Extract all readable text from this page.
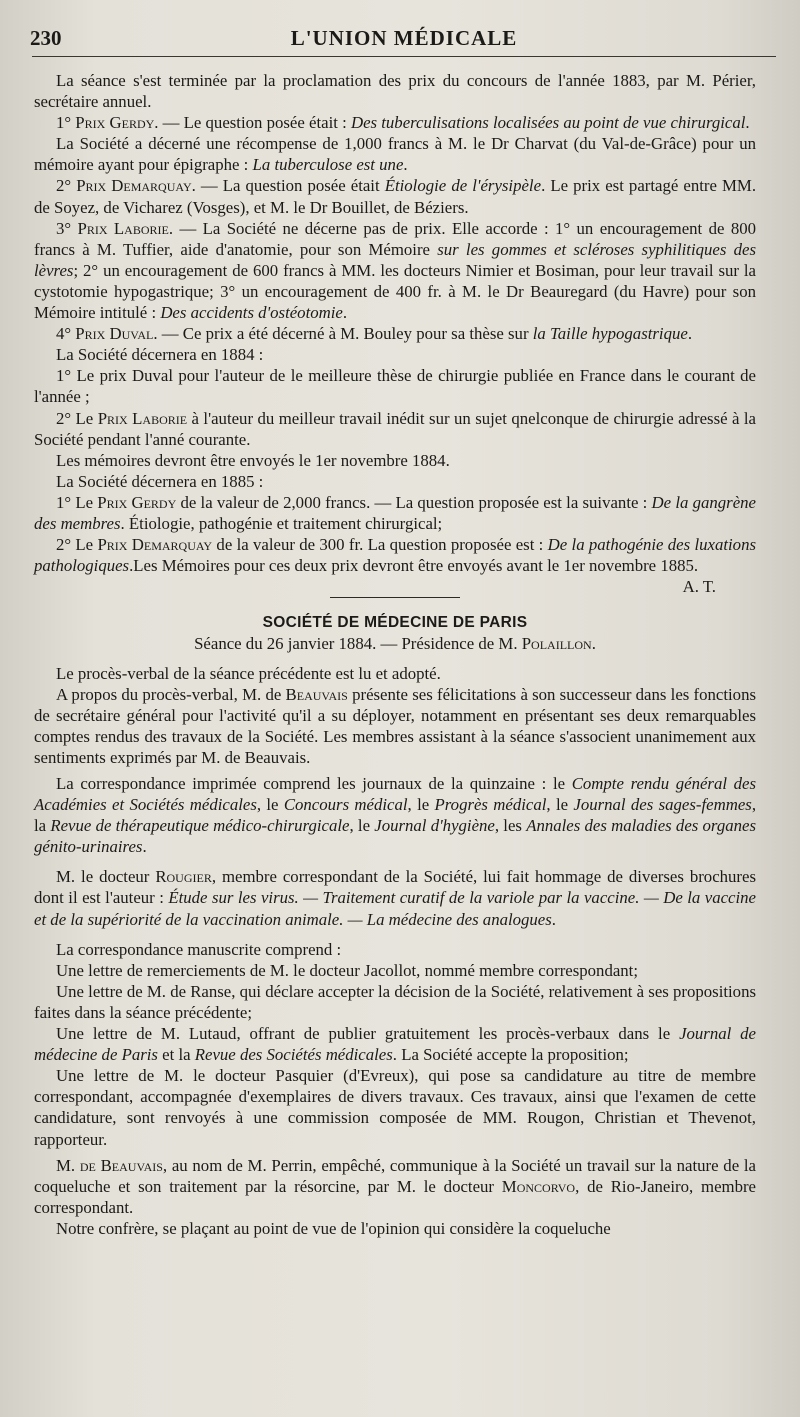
L'UNION MÉDICALE
230

La séance s'est terminée par la proclamation des prix du concours de l'année 1883, par M. Périer, secrétaire annuel.

1° Prix Gerdy. — Le question posée était : Des tuberculisations localisées au point de vue chirurgical.

La Société a décerné une récompense de 1,000 francs à M. le Dr Charvat (du Val-de-Grâce) pour un mémoire ayant pour épigraphe : La tuberculose est une.

2° Prix Demarquay. — La question posée était Étiologie de l'érysipèle. Le prix est partagé entre MM. de Soyez, de Vicharez (Vosges), et M. le Dr Bouillet, de Béziers.

3° Prix Laborie. — La Société ne décerne pas de prix. Elle accorde : 1° un encouragement de 800 francs à M. Tuffier, aide d'anatomie, pour son Mémoire sur les gommes et scléroses syphilitiques des lèvres; 2° un encouragement de 600 francs à MM. les docteurs Nimier et Bosiman, pour leur travail sur la cystotomie hypogastrique; 3° un encouragement de 400 fr. à M. le Dr Beauregard (du Havre) pour son Mémoire intitulé : Des accidents d'ostéotomie.

4° Prix Duval. — Ce prix a été décerné à M. Bouley pour sa thèse sur la Taille hypogastrique.

La Société décernera en 1884 :

1° Le prix Duval pour l'auteur de le meilleure thèse de chirurgie publiée en France dans le courant de l'année ;

2° Le Prix Laborie à l'auteur du meilleur travail inédit sur un sujet qnelconque de chirurgie adressé à la Société pendant l'anné courante.

Les mémoires devront être envoyés le 1er novembre 1884.

La Société décernera en 1885 :

1° Le Prix Gerdy de la valeur de 2,000 francs. — La question proposée est la suivante : De la gangrène des membres. Étiologie, pathogénie et traitement chirurgical;

2° Le Prix Demarquay de la valeur de 300 fr. La question proposée est : De la pathogénie des luxations pathologiques.Les Mémoires pour ces deux prix devront être envoyés avant le 1er novembre 1885.
A. T.

SOCIÉTÉ DE MÉDECINE DE PARIS

Séance du 26 janvier 1884. — Présidence de M. Polaillon.

Le procès-verbal de la séance précédente est lu et adopté.

A propos du procès-verbal, M. de Beauvais présente ses félicitations à son successeur dans les fonctions de secrétaire général pour l'activité qu'il a su déployer, notamment en présentant ses deux remarquables comptes rendus des travaux de la Société. Les membres assistant à la séance s'associent unanimement aux sentiments exprimés par M. de Beauvais.

La correspondance imprimée comprend les journaux de la quinzaine : le Compte rendu général des Académies et Sociétés médicales, le Concours médical, le Progrès médical, le Journal des sages-femmes, la Revue de thérapeutique médico-chirurgicale, le Journal d'hygiène, les Annales des maladies des organes génito-urinaires.

M. le docteur Rougier, membre correspondant de la Société, lui fait hommage de diverses brochures dont il est l'auteur : Étude sur les virus. — Traitement curatif de la variole par la vaccine. — De la vaccine et de la supériorité de la vaccination animale. — La médecine des analogues.

La correspondance manuscrite comprend :

Une lettre de remerciements de M. le docteur Jacollot, nommé membre correspondant;

Une lettre de M. de Ranse, qui déclare accepter la décision de la Société, relativement à ses propositions faites dans la séance précédente;

Une lettre de M. Lutaud, offrant de publier gratuitement les procès-verbaux dans le Journal de médecine de Paris et la Revue des Sociétés médicales. La Société accepte la proposition;

Une lettre de M. le docteur Pasquier (d'Evreux), qui pose sa candidature au titre de membre correspondant, accompagnée d'exemplaires de divers travaux. Ces travaux, ainsi que l'examen de cette candidature, sont renvoyés à une commission composée de MM. Rougon, Christian et Thevenot, rapporteur.

M. de Beauvais, au nom de M. Perrin, empêché, communique à la Société un travail sur la nature de la coqueluche et son traitement par la résorcine, par M. le docteur Moncorvo, de Rio-Janeiro, membre correspondant.

Notre confrère, se plaçant au point de vue de l'opinion qui considère la coqueluche
